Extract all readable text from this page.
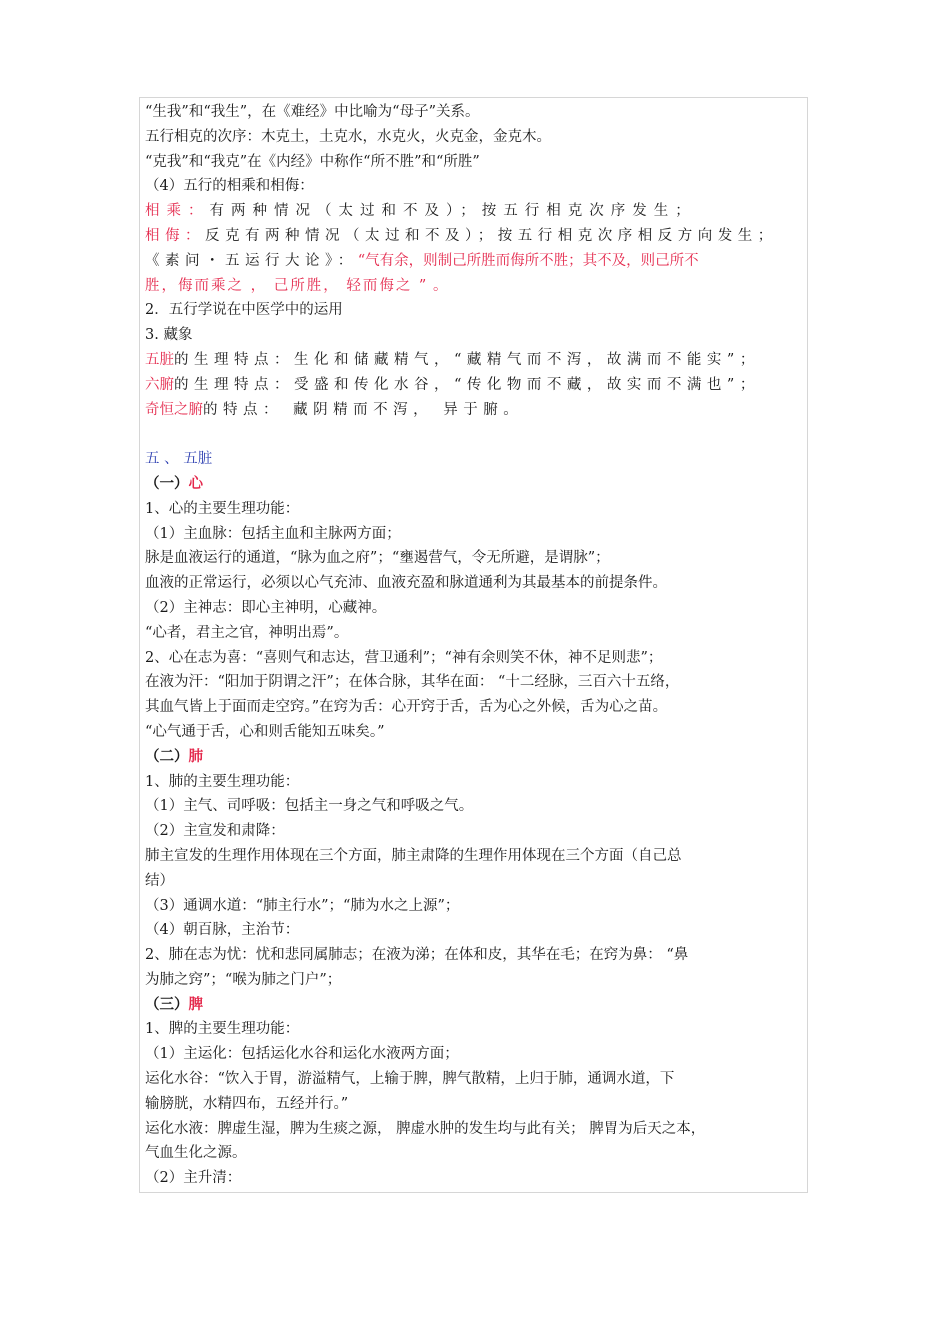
“生我”和“我生”，在《难经》中比喻为“母子”关系。
五行相克的次序：木克土，土克水，水克火，火克金，金克木。
“克我”和“我克”在《内经》中称作“所不胜”和“所胜”
（4）五行的相乘和相侮：
相乘：有两种情况（太过和不及）；按五行相克次序发生；
相侮：反克有两种情况（太过和不及）；按五行相克次序相反方向发生；
《素问・五运行大论》：“气有余，则制己所胜而侮所不胜；其不及，则己所不
胜，侮而乘之 ， 己所胜， 轻而侮之 ” 。
2．五行学说在中医学中的运用
3. 藏象
五脏的生理特点：生化和储藏精气，“藏精气而不泻，故满而不能实”；
六腑的生理特点：受盛和传化水谷，“传化物而不藏，故实而不满也”；
奇恒之腑的特点： 藏阴精而不泻， 异于腑。
五 、 五脏
（一）心
1、心的主要生理功能：
（1）主血脉：包括主血和主脉两方面；
脉是血液运行的通道，“脉为血之府”；“壅遏营气，令无所避，是谓脉”；
血液的正常运行，必须以心气充沛、血液充盈和脉道通利为其最基本的前提条件。
（2）主神志：即心主神明，心藏神。
“心者，君主之官，神明出焉”。
2、心在志为喜：“喜则气和志达，营卫通利”；“神有余则笑不休，神不足则悲”；
在液为汗：“阳加于阴谓之汗”；在体合脉，其华在面： “十二经脉，三百六十五络，
其血气皆上于面而走空窍。”在窍为舌：心开窍于舌，舌为心之外候，舌为心之苗。
“心气通于舌，心和则舌能知五味矣。”
（二）肺
1、肺的主要生理功能：
（1）主气、司呼吸：包括主一身之气和呼吸之气。
（2）主宣发和肃降：
肺主宣发的生理作用体现在三个方面，肺主肃降的生理作用体现在三个方面（自己总
结）
（3）通调水道：“肺主行水”；“肺为水之上源”；
（4）朝百脉，主治节：
2、肺在志为忧：忧和悲同属肺志；在液为涕；在体和皮，其华在毛；在窍为鼻： “鼻
为肺之窍”；“喉为肺之门户”；
（三）脾
1、脾的主要生理功能：
（1）主运化：包括运化水谷和运化水液两方面；
运化水谷：“饮入于胃，游溢精气，上输于脾，脾气散精，上归于肺，通调水道，下
输膀胱，水精四布，五经并行。”
运化水液：脾虚生湿，脾为生痰之源， 脾虚水肿的发生均与此有关； 脾胃为后天之本，
气血生化之源。
（2）主升清：
